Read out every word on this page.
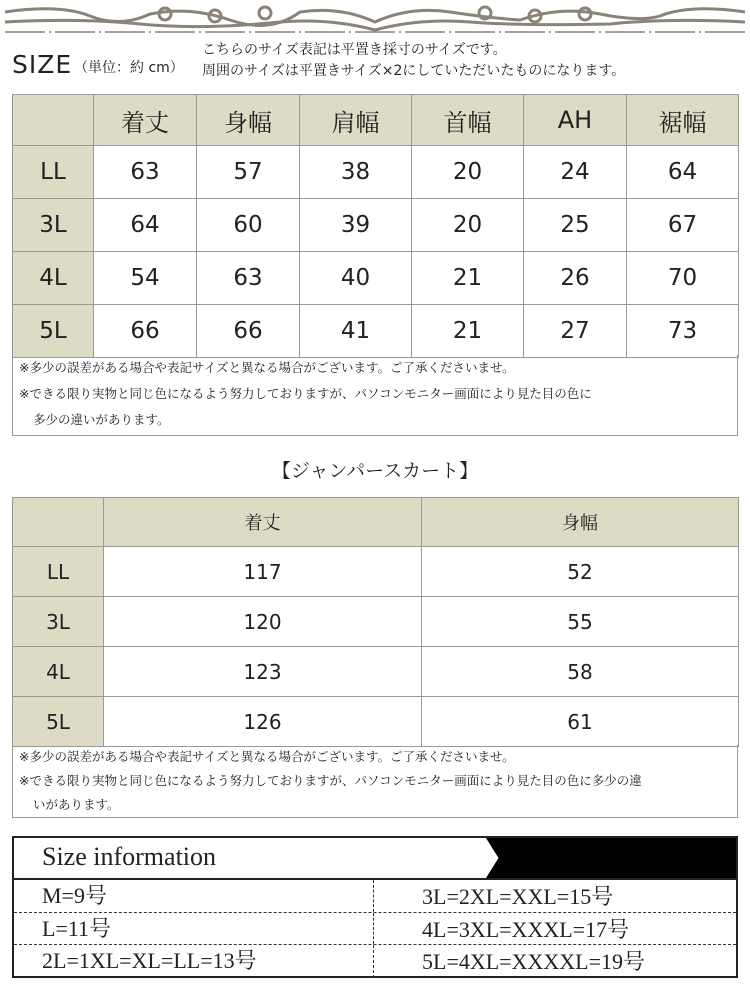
SIZE （単位：約 cm）
こちらのサイズ表記は平置き採寸のサイズです。
周囲のサイズは平置きサイズ×2にしていただいたものになります。
	着丈	身幅	肩幅	首幅	AH	裾幅
LL	63	57	38	20	24	64
3L	64	60	39	20	25	67
4L	54	63	40	21	26	70
5L	66	66	41	21	27	73
※多少の誤差がある場合や表記サイズと異なる場合がございます。ご了承くださいませ。
※できる限り実物と同じ色になるよう努力しておりますが、パソコンモニター画面により見た目の色に
多少の違いがあります。
【ジャンパースカート】
	着丈	身幅
LL	117	52
3L	120	55
4L	123	58
5L	126	61
※多少の誤差がある場合や表記サイズと異なる場合がございます。ご了承くださいませ。
※できる限り実物と同じ色になるよう努力しておりますが、パソコンモニター画面により見た目の色に多少の違
いがあります。
Size information
M=9号	3L=2XL=XXL=15号
L=11号	4L=3XL=XXXL=17号
2L=1XL=XL=LL=13号	5L=4XL=XXXXL=19号
